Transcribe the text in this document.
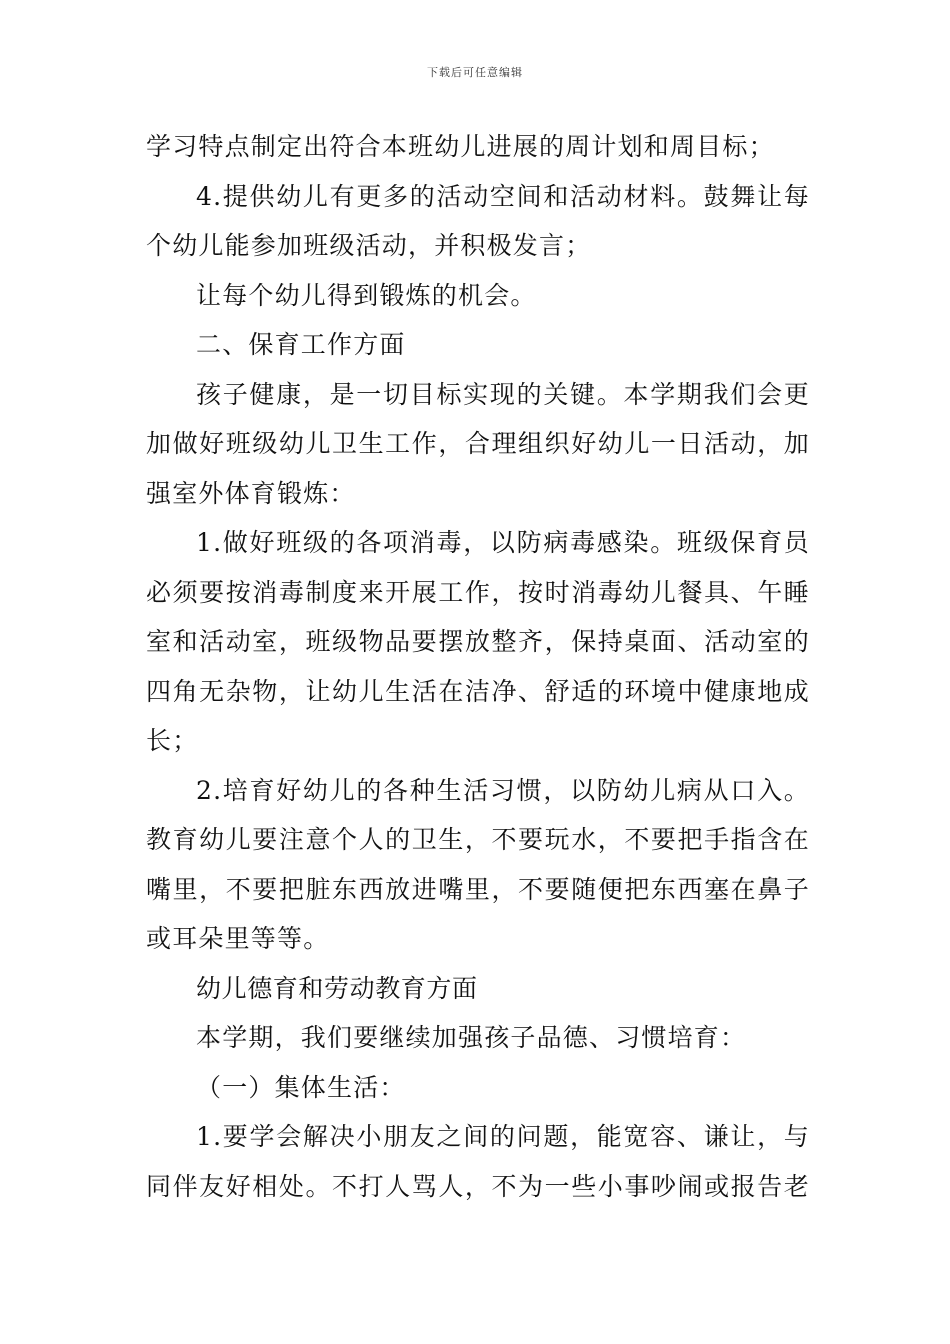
下载后可任意编辑
学习特点制定出符合本班幼儿进展的周计划和周目标；
4.提供幼儿有更多的活动空间和活动材料。鼓舞让每
个幼儿能参加班级活动，并积极发言；
让每个幼儿得到锻炼的机会。
二、保育工作方面
孩子健康，是一切目标实现的关键。本学期我们会更
加做好班级幼儿卫生工作，合理组织好幼儿一日活动，加
强室外体育锻炼：
1.做好班级的各项消毒，以防病毒感染。班级保育员
必须要按消毒制度来开展工作，按时消毒幼儿餐具、午睡
室和活动室，班级物品要摆放整齐，保持桌面、活动室的
四角无杂物，让幼儿生活在洁净、舒适的环境中健康地成
长；
2.培育好幼儿的各种生活习惯，以防幼儿病从口入。
教育幼儿要注意个人的卫生，不要玩水，不要把手指含在
嘴里，不要把脏东西放进嘴里，不要随便把东西塞在鼻子
或耳朵里等等。
幼儿德育和劳动教育方面
本学期，我们要继续加强孩子品德、习惯培育：
（一）集体生活：
1.要学会解决小朋友之间的问题，能宽容、谦让，与
同伴友好相处。不打人骂人，不为一些小事吵闹或报告老
